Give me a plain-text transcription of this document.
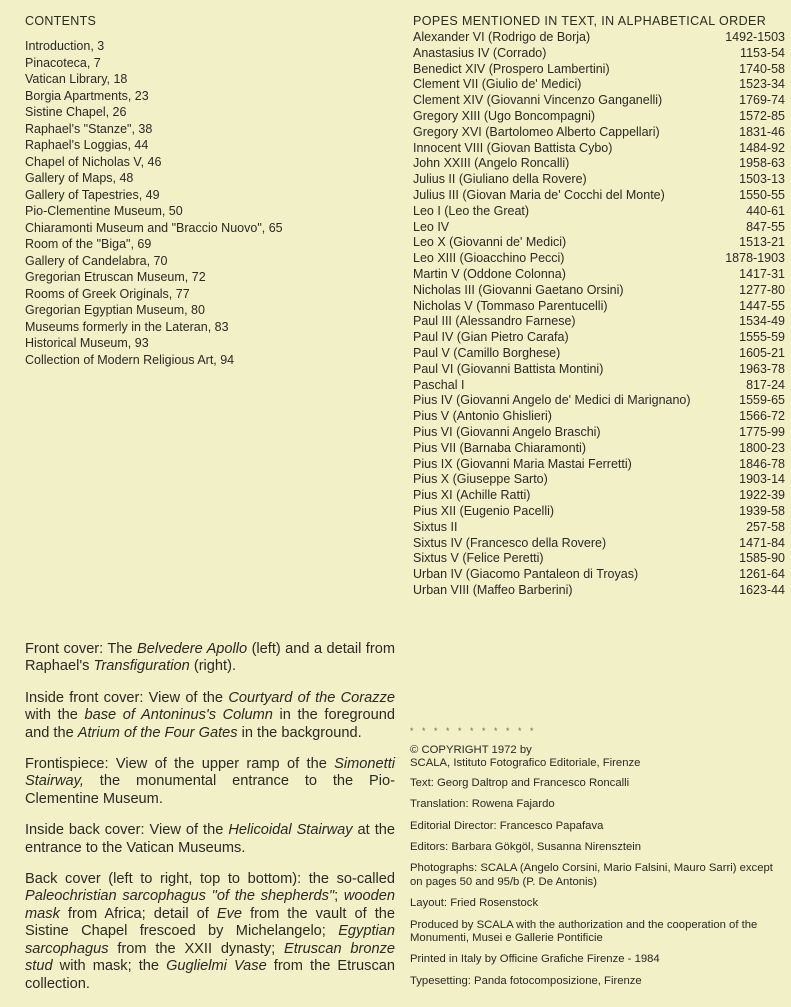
CONTENTS
Introduction, 3
Pinacoteca, 7
Vatican Library, 18
Borgia Apartments, 23
Sistine Chapel, 26
Raphael's "Stanze", 38
Raphael's Loggias, 44
Chapel of Nicholas V, 46
Gallery of Maps, 48
Gallery of Tapestries, 49
Pio-Clementine Museum, 50
Chiaramonti Museum and "Braccio Nuovo", 65
Room of the "Biga", 69
Gallery of Candelabra, 70
Gregorian Etruscan Museum, 72
Rooms of Greek Originals, 77
Gregorian Egyptian Museum, 80
Museums formerly in the Lateran, 83
Historical Museum, 93
Collection of Modern Religious Art, 94
POPES MENTIONED IN TEXT, IN ALPHABETICAL ORDER
Alexander VI (Rodrigo de Borja)	1492-1503
Anastasius IV (Corrado)	1153-54
Benedict XIV (Prospero Lambertini)	1740-58
Clement VII (Giulio de' Medici)	1523-34
Clement XIV (Giovanni Vincenzo Ganganelli)	1769-74
Gregory XIII (Ugo Boncompagni)	1572-85
Gregory XVI (Bartolomeo Alberto Cappellari)	1831-46
Innocent VIII (Giovan Battista Cybo)	1484-92
John XXIII (Angelo Roncalli)	1958-63
Julius II (Giuliano della Rovere)	1503-13
Julius III (Giovan Maria de' Cocchi del Monte)	1550-55
Leo I (Leo the Great)	440-61
Leo IV	847-55
Leo X (Giovanni de' Medici)	1513-21
Leo XIII (Gioacchino Pecci)	1878-1903
Martin V (Oddone Colonna)	1417-31
Nicholas III (Giovanni Gaetano Orsini)	1277-80
Nicholas V (Tommaso Parentucelli)	1447-55
Paul III (Alessandro Farnese)	1534-49
Paul IV (Gian Pietro Carafa)	1555-59
Paul V (Camillo Borghese)	1605-21
Paul VI (Giovanni Battista Montini)	1963-78
Paschal I	817-24
Pius IV (Giovanni Angelo de' Medici di Marignano)	1559-65
Pius V (Antonio Ghislieri)	1566-72
Pius VI (Giovanni Angelo Braschi)	1775-99
Pius VII (Barnaba Chiaramonti)	1800-23
Pius IX (Giovanni Maria Mastai Ferretti)	1846-78
Pius X (Giuseppe Sarto)	1903-14
Pius XI (Achille Ratti)	1922-39
Pius XII (Eugenio Pacelli)	1939-58
Sixtus II	257-58
Sixtus IV (Francesco della Rovere)	1471-84
Sixtus V (Felice Peretti)	1585-90
Urban IV (Giacomo Pantaleon di Troyas)	1261-64
Urban VIII (Maffeo Barberini)	1623-44

Front cover: The Belvedere Apollo (left) and a detail from Raphael's Transfiguration (right).

Inside front cover: View of the Courtyard of the Corazze with the base of Antoninus's Column in the foreground and the Atrium of the Four Gates in the background.

Frontispiece: View of the upper ramp of the Simonetti Stairway, the monumental entrance to the Pio-Clementine Museum.

Inside back cover: View of the Helicoidal Stairway at the entrance to the Vatican Museums.

Back cover (left to right, top to bottom): the so-called Paleochristian sarcophagus "of the shepherds"; wooden mask from Africa; detail of Eve from the vault of the Sistine Chapel frescoed by Michelangelo; Egyptian sarcophagus from the XXII dynasty; Etruscan bronze stud with mask; the Guglielmi Vase from the Etruscan collection.

* * * * * * * * * * *

© COPYRIGHT 1972 by
SCALA, Istituto Fotografico Editoriale, Firenze

Text: Georg Daltrop and Francesco Roncalli

Translation: Rowena Fajardo

Editorial Director: Francesco Papafava

Editors: Barbara Gökgöl, Susanna Nirensztein

Photographs: SCALA (Angelo Corsini, Mario Falsini, Mauro Sarri) except on pages 50 and 95/b (P. De Antonis)

Layout: Fried Rosenstock

Produced by SCALA with the authorization and the cooperation of the Monumenti, Musei e Gallerie Pontificie

Printed in Italy by Officine Grafiche Firenze - 1984

Typesetting: Panda fotocomposizione, Firenze
